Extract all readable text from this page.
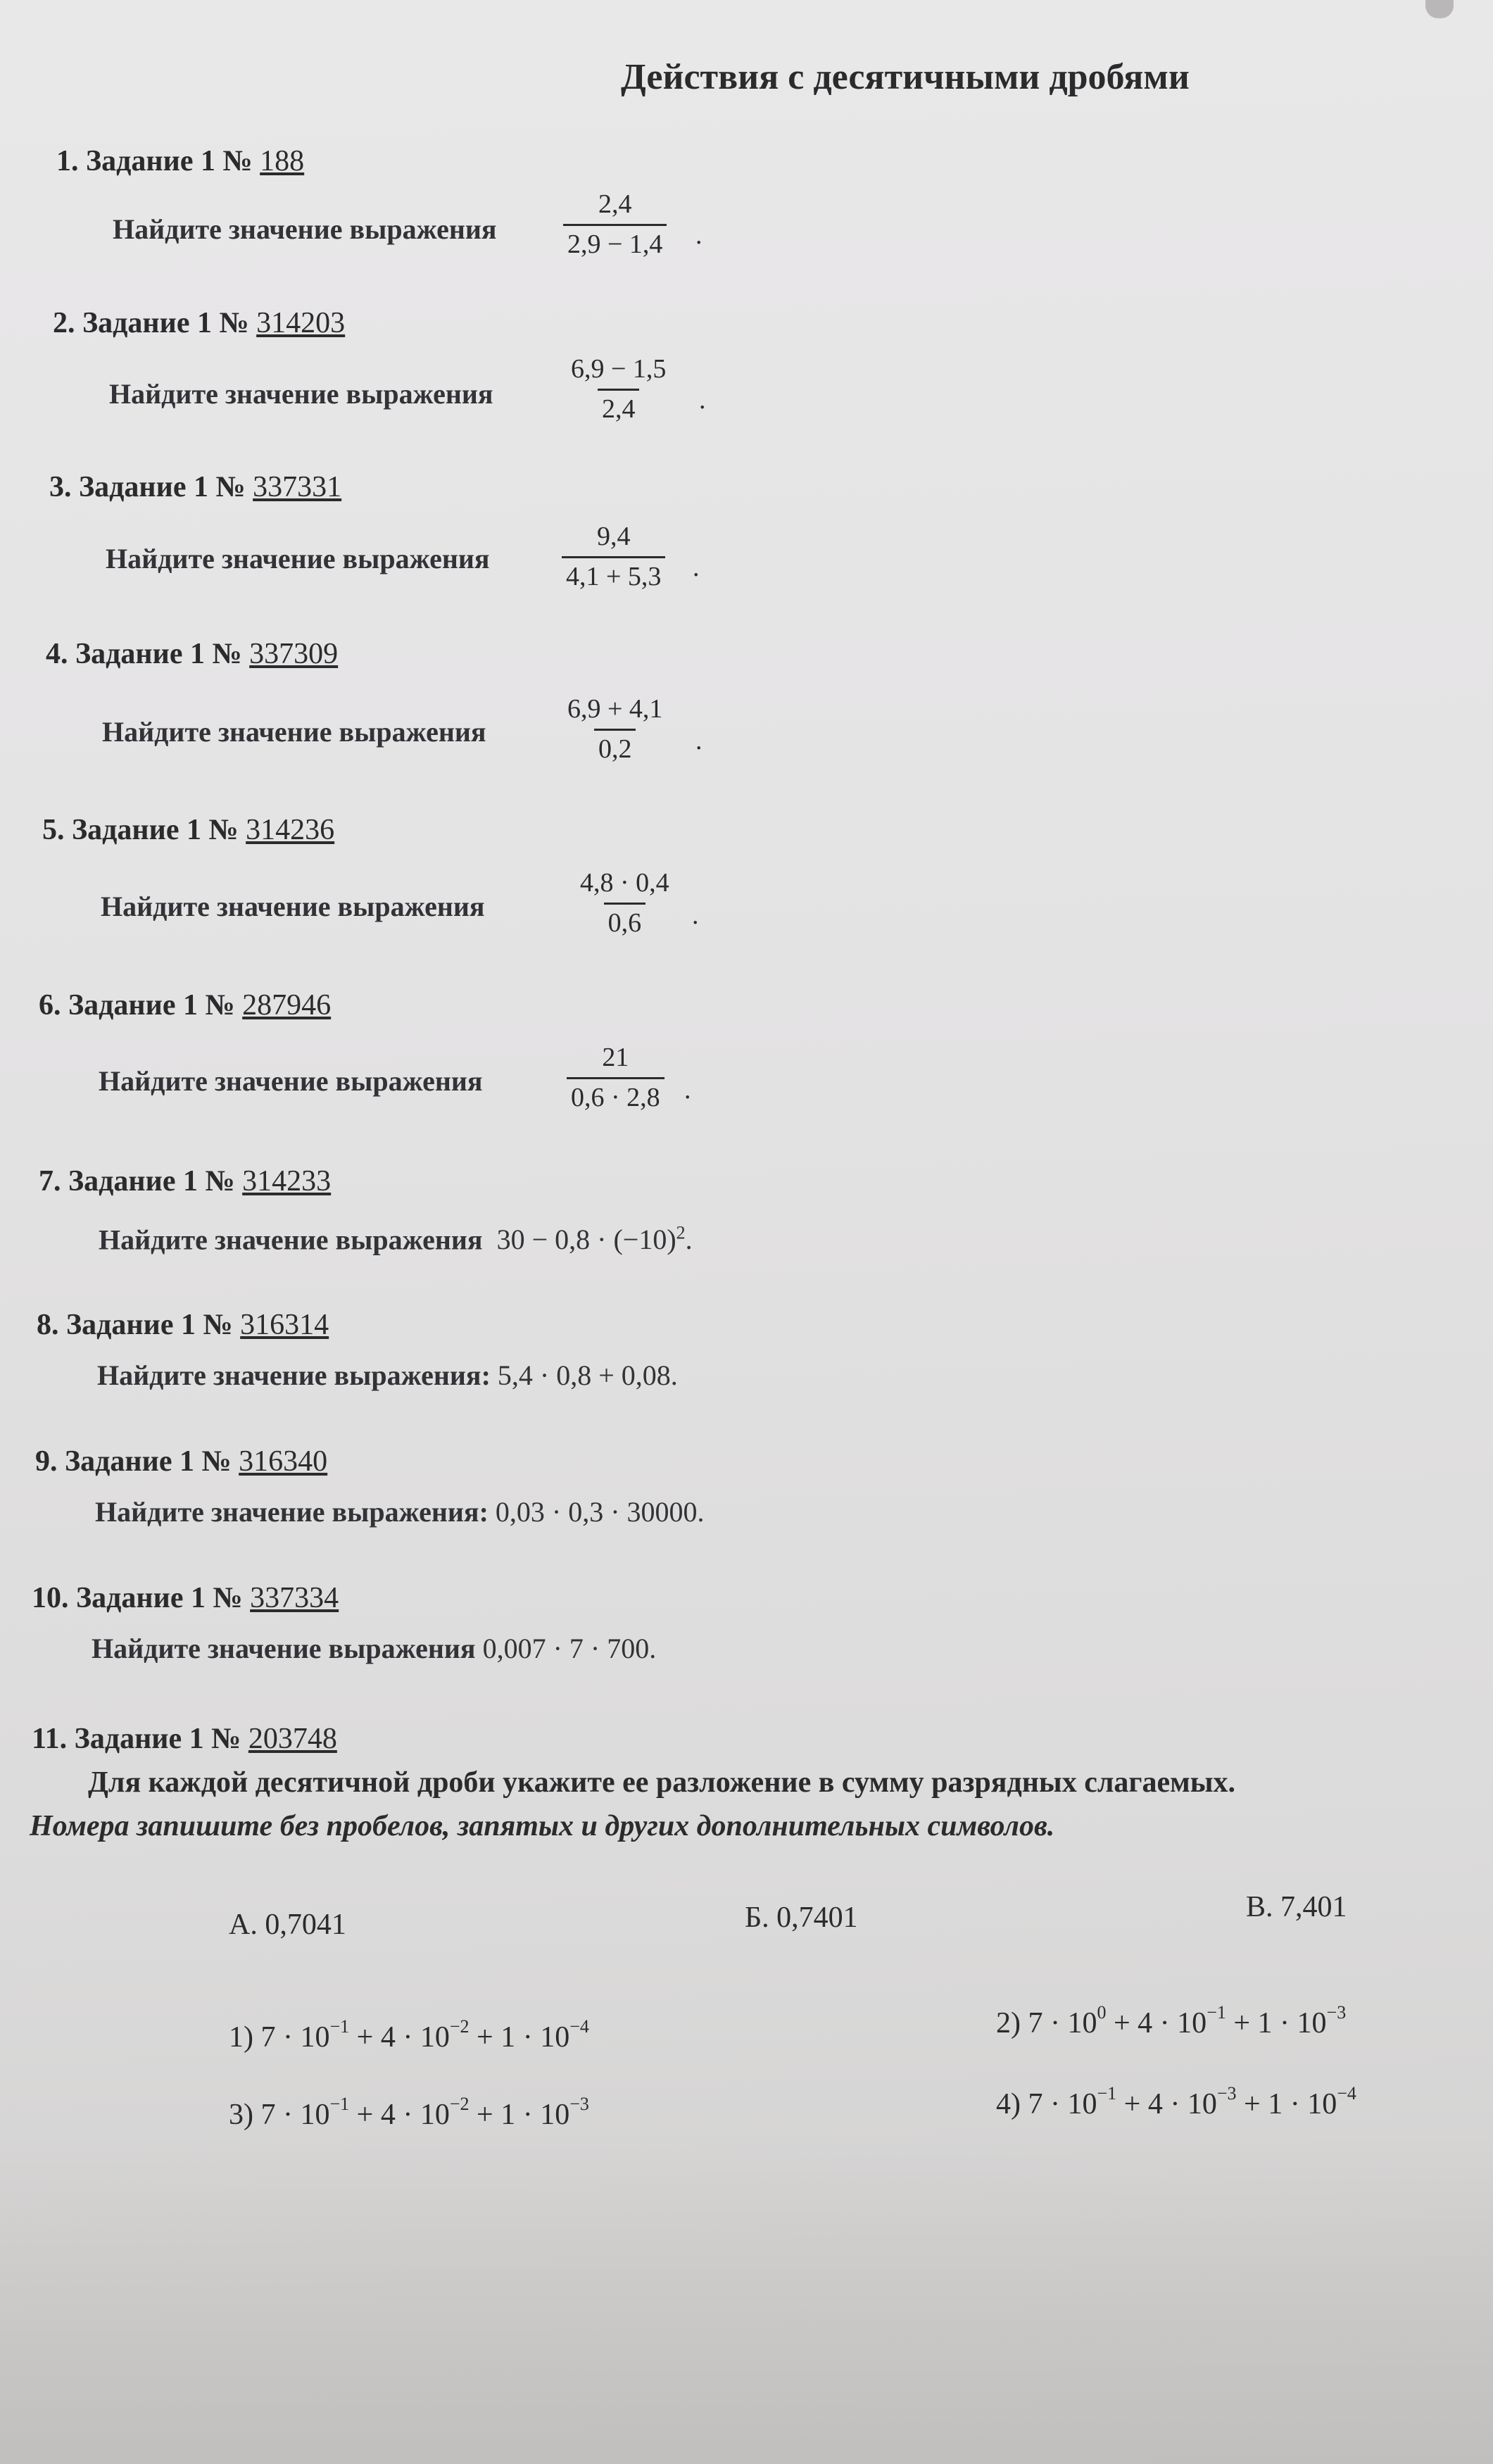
Действия с десятичными дробями
1. Задание 1 № 188
Найдите значение выражения $\frac{2,4}{2,9 - 1,4}$ .
2. Задание 1 № 314203
Найдите значение выражения	$\frac{6,9 - 1,5}{2,4}$ .
3. Задание 1 № 337331
Найдите значение выражения	$\frac{9,4}{4,1 + 5,3}$ .
4. Задание 1 № 337309
Найдите значение выражения	$\frac{6,9 + 4,1}{0,2}$ .
5. Задание 1 № 314236
Найдите значение выражения	$\frac{4,8 \cdot 0,4}{0,6}$ .
6. Задание 1 № 287946
Найдите значение выражения	$\frac{21}{0,6 \cdot 2,8}$ .
7. Задание 1 № 314233
Найдите значение выражения $30 - 0,8 \cdot (-10)^2$.
8. Задание 1 № 316314
Найдите значение выражения: 5,4 · 0,8 + 0,08.
9. Задание 1 № 316340
Найдите значение выражения: 0,03 · 0,3 · 30000.
10. Задание 1 № 337334
Найдите значение выражения 0,007 · 7 · 700.
11. Задание 1 № 203748
Для каждой десятичной дроби укажите ее разложение в сумму разрядных слагаемых.
Номера запишите без пробелов, запятых и других дополнительных символов.
А. 0,7041	Б. 0,7401	В. 7,401
1) $7 \cdot 10^{-1} + 4 \cdot 10^{-2} + 1 \cdot 10^{-4}$	2) $7 \cdot 10^0 + 4 \cdot 10^{-1} + 1 \cdot 10^{-3}$
3) $7 \cdot 10^{-1} + 4 \cdot 10^{-2} + 1 \cdot 10^{-3}$	4) $7 \cdot 10^{-1} + 4 \cdot 10^{-3} + 1 \cdot 10^{-4}$
